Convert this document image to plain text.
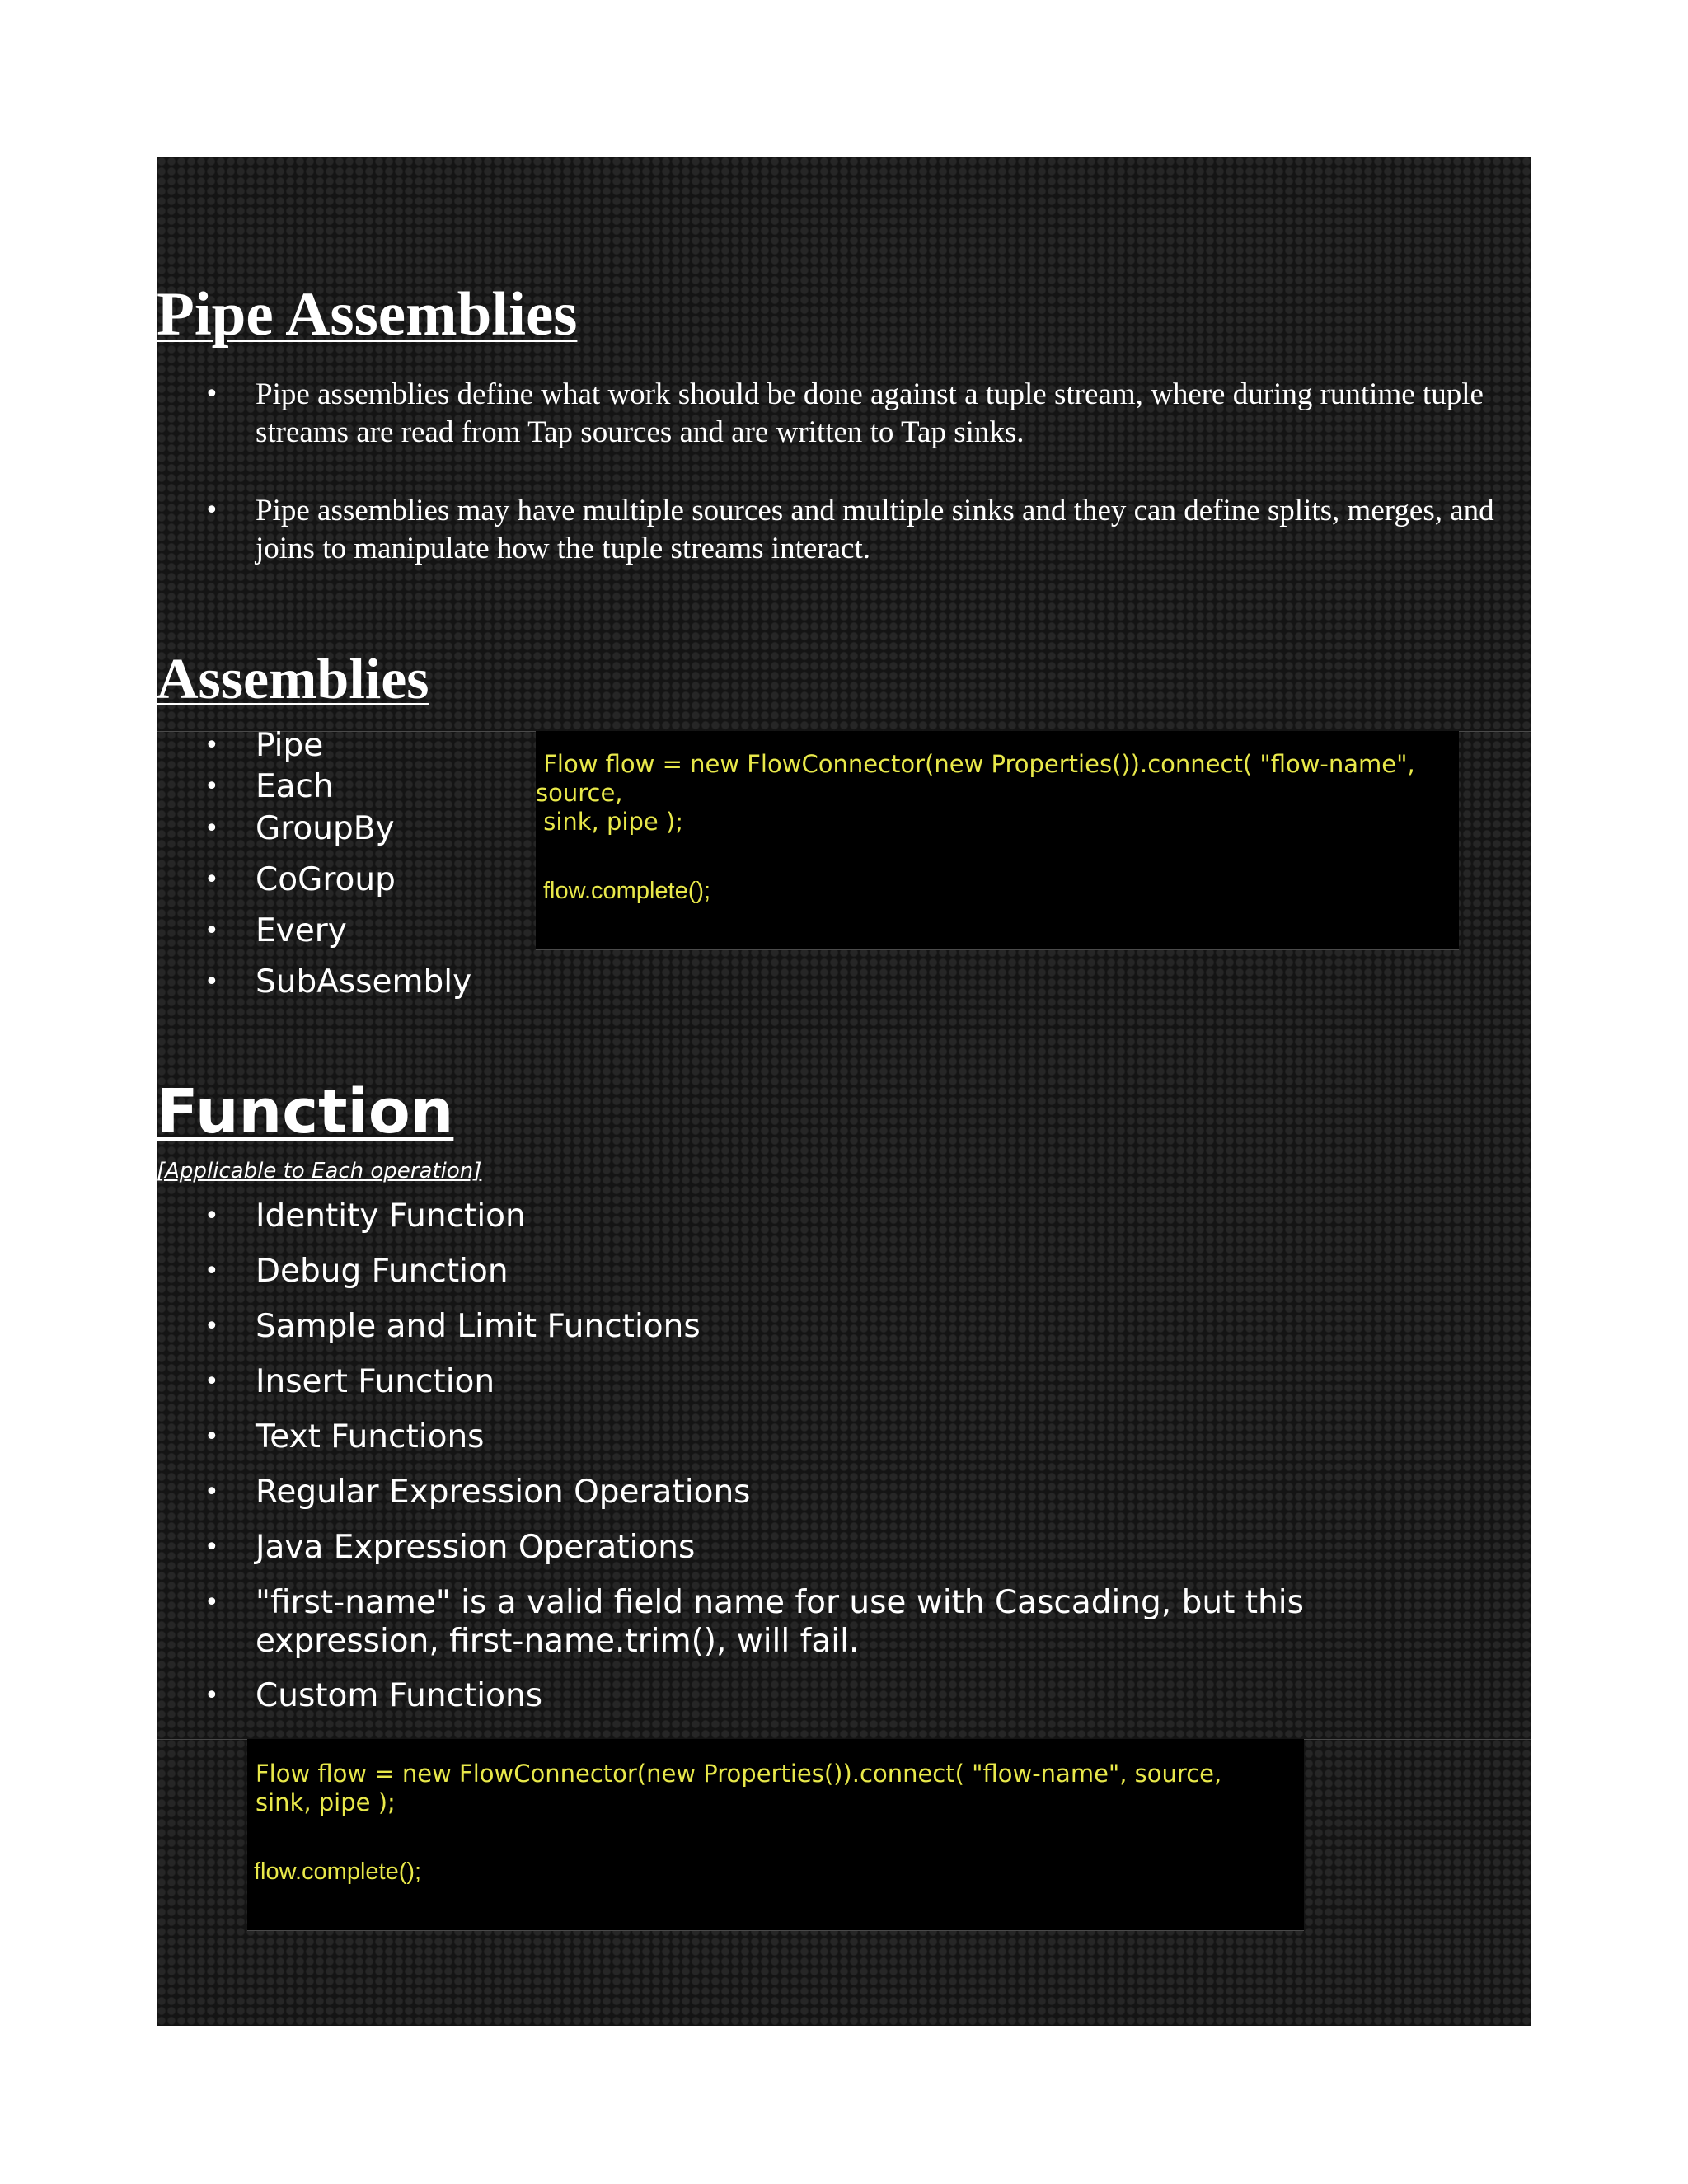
Pipe Assemblies
• Pipe assemblies define what work should be done against a tuple stream, where during runtime tuple streams are read from Tap sources and are written to Tap sinks.
• Pipe assemblies may have multiple sources and multiple sinks and they can define splits, merges, and joins to manipulate how the tuple streams interact.
Assemblies
• Pipe
• Each
• GroupBy
• CoGroup
• Every
• SubAssembly
Flow flow = new FlowConnector(new Properties()).connect( "flow-name",
source,
sink, pipe );
flow.complete();
Function

[Applicable to Each operation]

• Identity Function
• Debug Function
• Sample and Limit Functions
• Insert Function
• Text Functions
• Regular Expression Operations
• Java Expression Operations
• "first-name" is a valid field name for use with Cascading, but this expression, first-name.trim(), will fail.
• Custom Functions
Flow flow = new FlowConnector(new Properties()).connect( "flow-name", source,
sink, pipe );
flow.complete();
